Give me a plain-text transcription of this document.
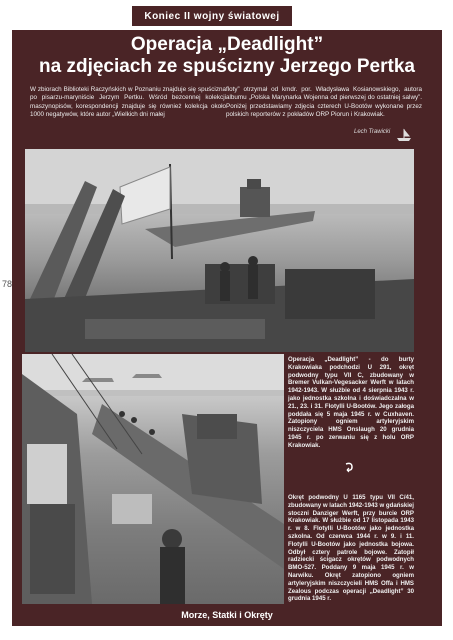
Koniec II wojny światowej
Operacja „Deadlight”
na zdjęciach ze spuścizny Jerzego Pertka
W zbiorach Biblioteki Raczyńskich w Poznaniu znajduje się spuścizna po pisarzu-maryniście Jerzym Pertku. Wśród bezcennej kolekcji maszynopisów, korespondencji znajduje się również kolekcja około 1000 negatywów, które autor „Wielkich dni małej
floty” otrzymał od kmdr. por. Władysława Kosianowskiego, autora albumu „Polska Marynarka Wojenna od pierwszej do ostatniej salwy”. Poniżej przedstawiamy zdjęcia czterech U-Bootów wykonane przez polskich reporterów z pokładów ORP Piorun i Krakowiak.
Lech Trawicki
78
Operacja „Deadlight” - do burty Krakowiaka podchodzi U 291, okręt podwodny typu VII C, zbudowany w Bremer Vulkan-Vegesacker Werft w latach 1942-1943. W służbie od 4 sierpnia 1943 r. jako jednostka szkolna i doświadczalna w 21., 23. i 31. Flotylli U-Bootów. Jego załoga poddała się 5 maja 1945 r. w Cuxhaven. Zatopiony ogniem artyleryjskim niszczyciela HMS Onslaugh 20 grudnia 1945 r. po zerwaniu się z holu ORP Krakowiak.
Okręt podwodny U 1165 typu VII C/41, zbudowany w latach 1942-1943 w gdańskiej stoczni Danziger Werft, przy burcie ORP Krakowiak. W służbie od 17 listopada 1943 r. w 8. Flotylli U-Bootów jako jednostka szkolna. Od czerwca 1944 r. w 9. i 11. Flotylli U-Bootów jako jednostka bojowa. Odbył cztery patrole bojowe. Zatopił radziecki ścigacz okrętów podwodnych BMO-527. Poddany 9 maja 1945 r. w Narwiku. Okręt zatopiono ogniem artyleryjskim niszczycieli HMS Offa i HMS Zealous podczas operacji „Deadlight” 30 grudnia 1945 r.
Morze, Statki i Okręty
